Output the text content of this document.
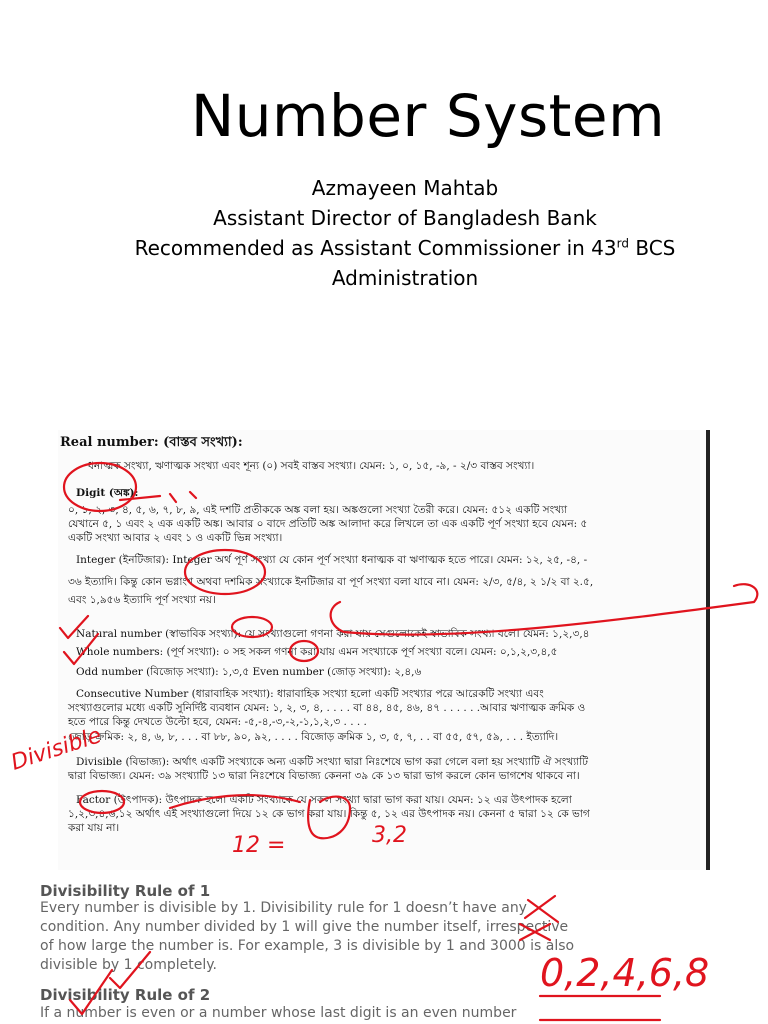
Number System
Azmayeen Mahtab
Assistant Director of Bangladesh Bank
Recommended as Assistant Commissioner in 43rd BCS
Administration
Real number: (বাস্তব সংখ্যা):
ধনাত্মক সংখ্যা, ঋণাত্মক সংখ্যা এবং শূন্য (০) সবই বাস্তব সংখ্যা। যেমন: ১, ০, ১৫, -৯, - ২/৩ বাস্তব সংখ্যা।
Digit (অঙ্ক):
০, ১, ২, ৩, ৪, ৫, ৬, ৭, ৮, ৯, এই দশটি প্রতীককে অঙ্ক বলা হয়। অঙ্কগুলো সংখ্যা তৈরী করে। যেমন: ৫১২ একটি সংখ্যা
যেখানে ৫, ১ এবং ২ এক একটি অঙ্ক। আবার ০ বাদে প্রতিটি অঙ্ক আলাদা করে লিখলে তা এক একটি পূর্ণ সংখ্যা হবে যেমন: ৫
একটি সংখ্যা আবার ২ এবং ১ ও একটি ভিন্ন সংখ্যা।
Integer (ইনটিজার): Integer অর্থ পূর্ণ সংখ্যা যে কোন পূর্ণ সংখ্যা ধনাত্মক বা ঋণাত্মক হতে পারে। যেমন: ১২, ২৫, -৪, -
৩৬ ইত্যাদি। কিন্তু কোন ভগ্নাংশ অথবা দশমিক সংখ্যাকে ইনটিজার বা পূর্ণ সংখ্যা বলা যাবে না। যেমন: ২/৩, ৫/৪, ২ ১/২ বা ২.৫,
এবং ১,৯৫৬ ইত্যাদি পূর্ণ সংখ্যা নয়।
Natural number (স্বাভাবিক সংখ্যা): যে সংখ্যাগুলো গণনা করা যায় সেগুলোকেই স্বাভাবিক সংখ্যা বলে। যেমন: ১,২,৩,৪
Whole numbers: (পূর্ণ সংখ্যা): ০ সহ সকল গণনা করা যায় এমন সংখ্যাকে পূর্ণ সংখ্যা বলে। যেমন: ০,১,২,৩,৪,৫
Odd number (বিজোড় সংখ্যা): ১,৩,৫ Even number (জোড় সংখ্যা): ২,৪,৬
Consecutive Number (ধারাবাহিক সংখ্যা): ধারাবাহিক সংখ্যা হলো একটি সংখ্যার পরে আরেকটি সংখ্যা এবং
সংখ্যাগুলোর মধ্যে একটি সুনির্দিষ্ট ব্যবধান যেমন: ১, ২, ৩, ৪, . . . . বা ৪৪, ৪৫, ৪৬, ৪৭ . . . . . .আবার ঋণাত্মক ক্রমিক ও
হতে পারে কিন্তু দেখতে উল্টো হবে, যেমন: -৫,-৪,-৩,-২,-১,১,২,৩ . . . .
জোড় ক্রমিক: ২, ৪, ৬, ৮, . . . বা ৮৮, ৯০, ৯২, . . . . বিজোড় ক্রমিক ১, ৩, ৫, ৭, . . বা ৫৫, ৫৭, ৫৯, . . . ইত্যাদি।
Divisible (বিভাজ্য): অর্থাৎ একটি সংখ্যাকে অন্য একটি সংখ্যা দ্বারা নিঃশেষে ভাগ করা গেলে বলা হয় সংখ্যাটি ঐ সংখ্যাটি
দ্বারা বিভাজ্য। যেমন: ৩৯ সংখ্যাটি ১৩ দ্বারা নিঃশেষে বিভাজ্য কেননা ৩৯ কে ১৩ দ্বারা ভাগ করলে কোন ভাগশেষ থাকবে না।
Factor (উৎপাদক): উৎপাদক হলো একটি সংখ্যাকে যে সকল সংখ্যা দ্বারা ভাগ করা যায়। যেমন: ১২ এর উৎপাদক হলো
১,২,৩,৪,৬,১২ অর্থাৎ এই সংখ্যাগুলো দিয়ে ১২ কে ভাগ করা যায়। কিন্তু ৫, ১২ এর উৎপাদক নয়। কেননা ৫ দ্বারা ১২ কে ভাগ
করা যায় না।
Divisibility Rule of 1
Every number is divisible by 1. Divisibility rule for 1 doesn’t have any condition. Any number divided by 1 will give the number itself, irrespective of how large the number is. For example, 3 is divisible by 1 and 3000 is also divisible by 1 completely.
Divisibility Rule of 2
If a number is even or a number whose last digit is an even number
Divisible
12 =	3,2
0,2,4,6,8
